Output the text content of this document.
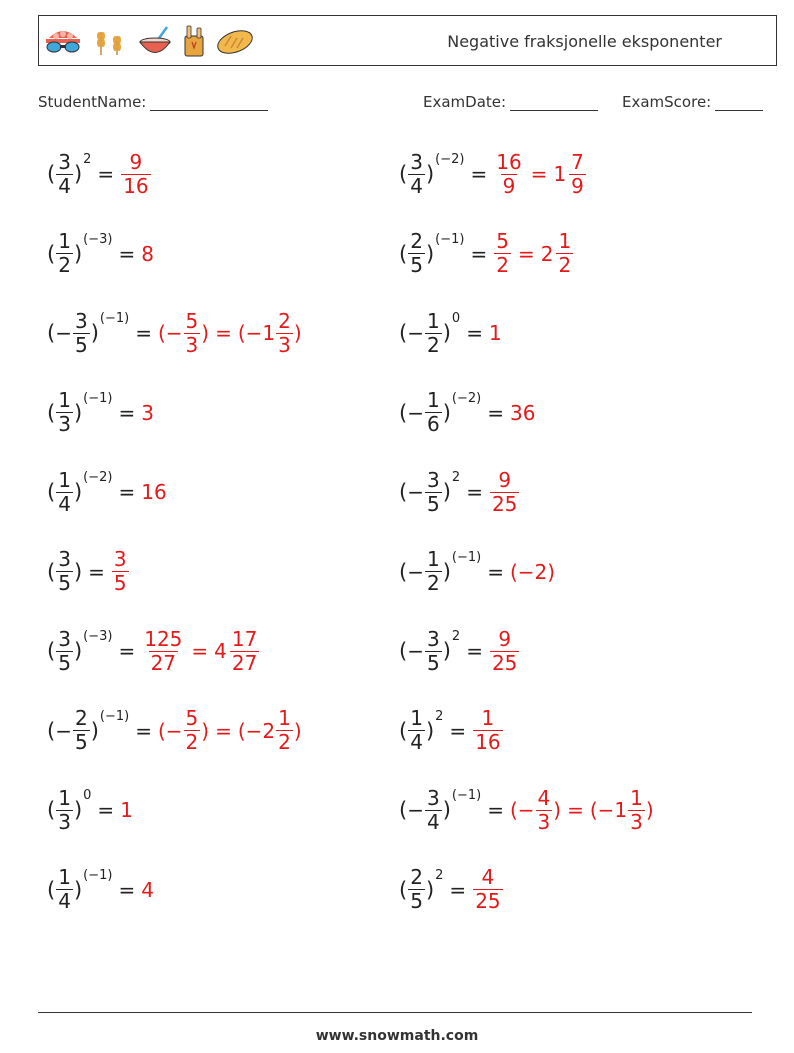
Negative fraksjonelle eksponenter
StudentName:	ExamDate:	ExamScore:
( $\frac{3}{4}$ )
2
= $\frac{9}{16}$	( $\frac{3}{4}$ )
(−2)
= $\frac{16}{9} = 1 \frac{7}{9}$
( $\frac{1}{2}$ )
(−3)
= 8	( $\frac{2}{5}$ )
(−1)
= $\frac{5}{2} = 2 \frac{1}{2}$
( − $\frac{3}{5}$ )
(−1)
= (− $\frac{5}{3}$ ) = ($-1 \frac{2}{3}$ )	( − $\frac{1}{2}$ )
0
= 1
( $\frac{1}{3}$ )
(−1)
= 3	( − $\frac{1}{6}$ )
(−2)
= 36
( $\frac{1}{4}$ )
(−2)
= 16	( − $\frac{3}{5}$ )
2
= $\frac{9}{25}$
( $\frac{3}{5}$ ) = $\frac{3}{5}$	( − $\frac{1}{2}$ )
(−1)
= (−2)
( $\frac{3}{5}$ )
(−3)
= $\frac{125}{27} = 4 \frac{17}{27}$	( − $\frac{3}{5}$ )
2
= $\frac{9}{25}$
( − $\frac{2}{5}$ )
(−1)
= (− $\frac{5}{2}$ ) = ($-2 \frac{1}{2}$ )	( $\frac{1}{4}$ )
2
= $\frac{1}{16}$
( $\frac{1}{3}$ )
0
= 1	( − $\frac{3}{4}$ )
(−1)
= (− $\frac{4}{3}$ ) = ($-1 \frac{1}{3}$ )
( $\frac{1}{4}$ )
(−1)
= 4	( $\frac{2}{5}$ )
2
= $\frac{4}{25}$
www.snowmath.com
